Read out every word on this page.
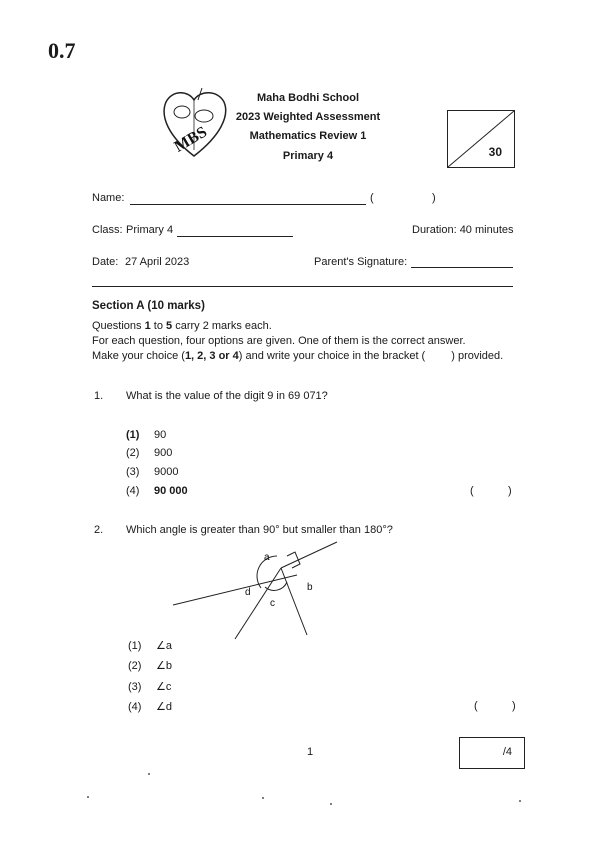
0.7
MBS
Maha Bodhi School
2023 Weighted Assessment
Mathematics Review 1
Primary 4	30
Name:	(	)
Class: Primary 4	Duration: 40 minutes
Date: 27 April 2023	Parent's Signature:
Section A (10 marks)
Questions 1 to 5 carry 2 marks each.
For each question, four options are given. One of them is the correct answer.
Make your choice (1, 2, 3 or 4) and write your choice in the bracket ( ) provided.
1. What is the value of the digit 9 in 69 071?
(1) 90
(2) 900
(3) 9000
(4) 90 000	(	)
2. Which angle is greater than 90° but smaller than 180°?
a
b
c
d
(1) ∠a
(2) ∠b
(3) ∠c
(4) ∠d	(	)
1	/4
